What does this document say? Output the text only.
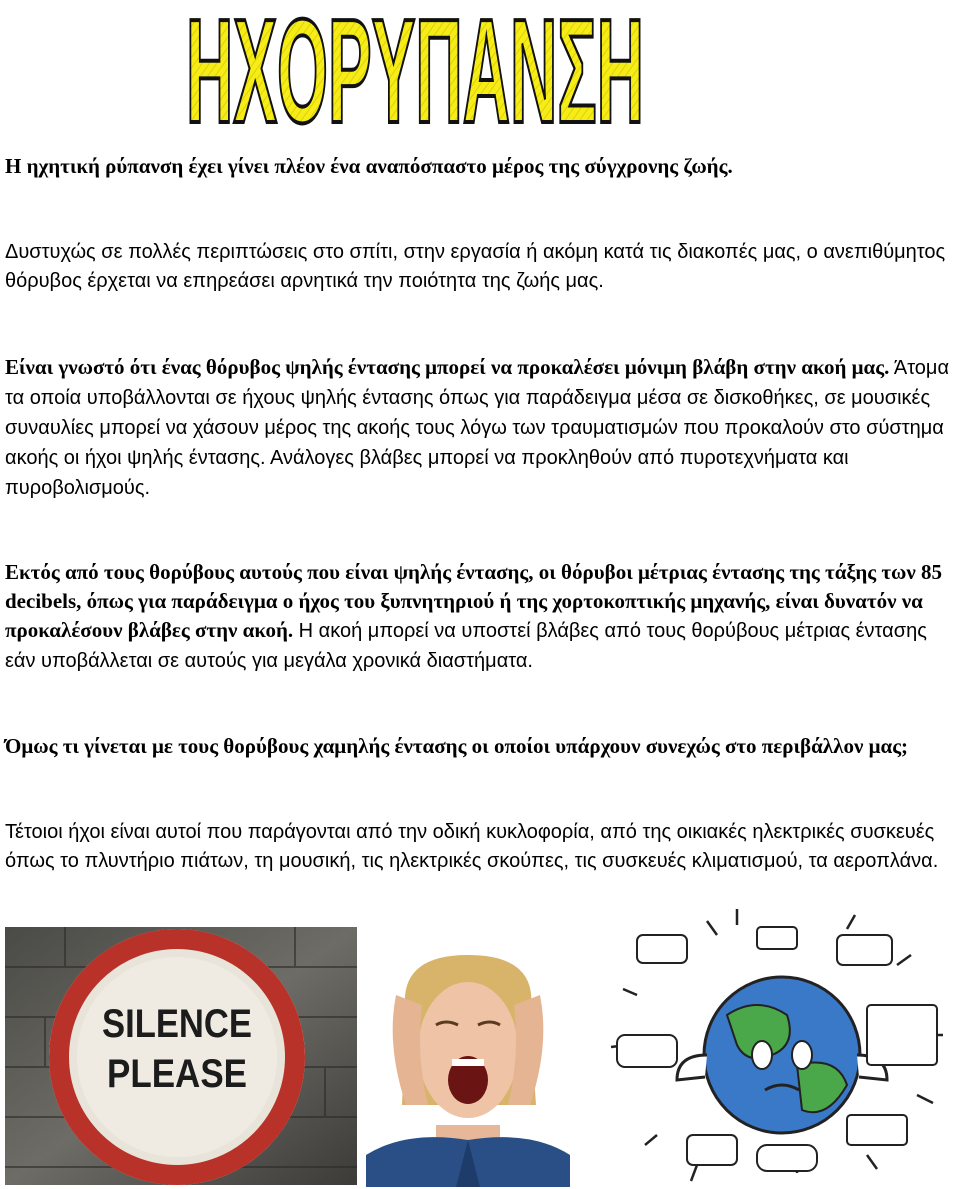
ΗΧΟΡΥΠΑΝΣΗ

Η ηχητική ρύπανση έχει γίνει πλέον ένα αναπόσπαστο μέρος της σύγχρονης ζωής.

Δυστυχώς σε πολλές περιπτώσεις στο σπίτι, στην εργασία ή ακόμη κατά τις διακοπές μας, ο ανεπιθύμητος θόρυβος έρχεται να επηρεάσει αρνητικά την ποιότητα της ζωής μας.

Είναι γνωστό ότι ένας θόρυβος ψηλής έντασης μπορεί να προκαλέσει μόνιμη βλάβη στην ακοή μας. Άτομα τα οποία υποβάλλονται σε ήχους ψηλής έντασης όπως για παράδειγμα μέσα σε δισκοθήκες, σε μουσικές συναυλίες μπορεί να χάσουν μέρος της ακοής τους λόγω των τραυματισμών που προκαλούν στο σύστημα ακοής οι ήχοι ψηλής έντασης. Ανάλογες βλάβες μπορεί να προκληθούν από πυροτεχνήματα και πυροβολισμούς.

Εκτός από τους θορύβους αυτούς που είναι ψηλής έντασης, οι θόρυβοι μέτριας έντασης της τάξης των 85 decibels, όπως για παράδειγμα ο ήχος του ξυπνητηριού ή της χορτοκοπτικής μηχανής, είναι δυνατόν να προκαλέσουν βλάβες στην ακοή. Η ακοή μπορεί να υποστεί βλάβες από τους θορύβους μέτριας έντασης εάν υποβάλλεται σε αυτούς για μεγάλα χρονικά διαστήματα.

Όμως τι γίνεται με τους θορύβους χαμηλής έντασης οι οποίοι υπάρχουν συνεχώς στο περιβάλλον μας;

Τέτοιοι ήχοι είναι αυτοί που παράγονται από την οδική κυκλοφορία, από της οικιακές ηλεκτρικές συσκευές όπως το πλυντήριο πιάτων, τη μουσική, τις ηλεκτρικές σκούπες, τις συσκευές κλιματισμού, τα αεροπλάνα.

SILENCE
PLEASE
